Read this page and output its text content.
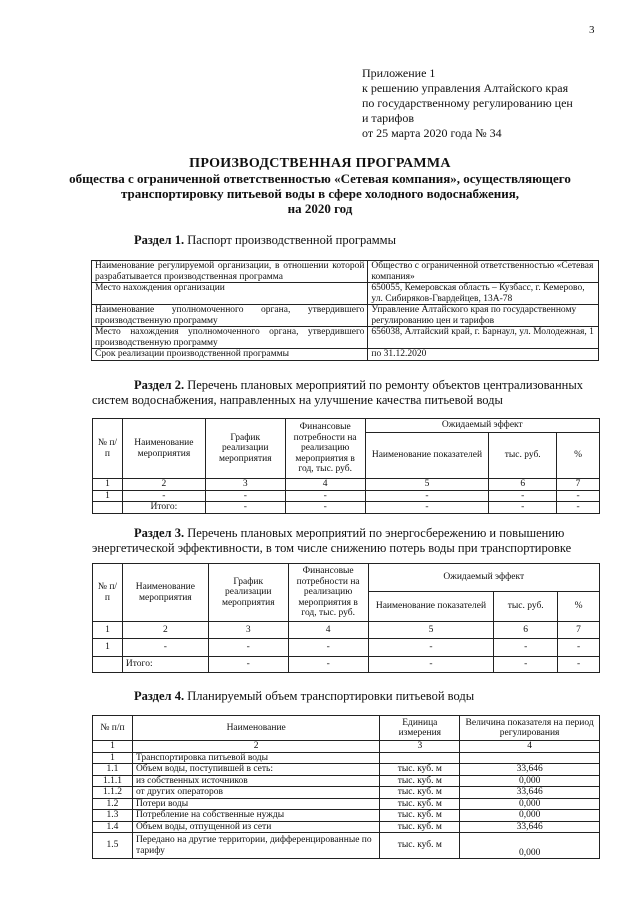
3
Приложение 1
к решению управления Алтайского края
по государственному регулированию цен
и тарифов
от 25 марта 2020 года № 34
ПРОИЗВОДСТВЕННАЯ ПРОГРАММА
общества с ограниченной ответственностью «Сетевая компания», осуществляющего
транспортировку питьевой воды в сфере холодного водоснабжения,
на 2020 год
Раздел 1. Паспорт производственной программы
Наименование регулируемой организации, в отношении которой разрабатывается производственная программа	Общество с ограниченной ответственностью «Сетевая компания»
Место нахождения организации	650055, Кемеровская область – Кузбасс, г. Кемерово, ул. Сибиряков-Гвардейцев, 13А-78
Наименование уполномоченного органа, утвердившего производственную программу	Управление Алтайского края по государственному регулированию цен и тарифов
Место нахождения уполномоченного органа, утвердившего производственную программу	656038, Алтайский край, г. Барнаул, ул. Молодежная, 1
Срок реализации производственной программы	по 31.12.2020
Раздел 2. Перечень плановых мероприятий по ремонту объектов централизованных систем водоснабжения, направленных на улучшение качества питьевой воды
№ п/п	Наименование мероприятия	График реализации мероприятия	Финансовые потребности на реализацию мероприятия в год, тыс. руб.	Ожидаемый эффект		
				Наименование показателей	тыс. руб.	%
1	2	3	4	5	6	7
1	-	-	-	-	-	-
	Итого:	-	-	-	-	-
Раздел 3. Перечень плановых мероприятий по энергосбережению и повышению энергетической эффективности, в том числе снижению потерь воды при транспортировке
№ п/п	Наименование мероприятия	График реализации мероприятия	Финансовые потребности на реализацию мероприятия в год, тыс. руб.	Ожидаемый эффект		
				Наименование показателей	тыс. руб.	%
1	2	3	4	5	6	7
1	-	-	-	-	-	-
	Итого:	-	-	-	-	-
Раздел 4. Планируемый объем транспортировки питьевой воды
№ п/п	Наименование	Единица измерения	Величина показателя на период регулирования
1	2	3	4
1	Транспортировка питьевой воды		
1.1	Объем воды, поступившей в сеть:	тыс. куб. м	33,646
1.1.1	из собственных источников	тыс. куб. м	0,000
1.1.2	от других операторов	тыс. куб. м	33,646
1.2	Потери воды	тыс. куб. м	0,000
1.3	Потребление на собственные нужды	тыс. куб. м	0,000
1.4	Объем воды, отпущенной из сети	тыс. куб. м	33,646
1.5	Передано на другие территории, дифференцированные по тарифу	тыс. куб. м	0,000
